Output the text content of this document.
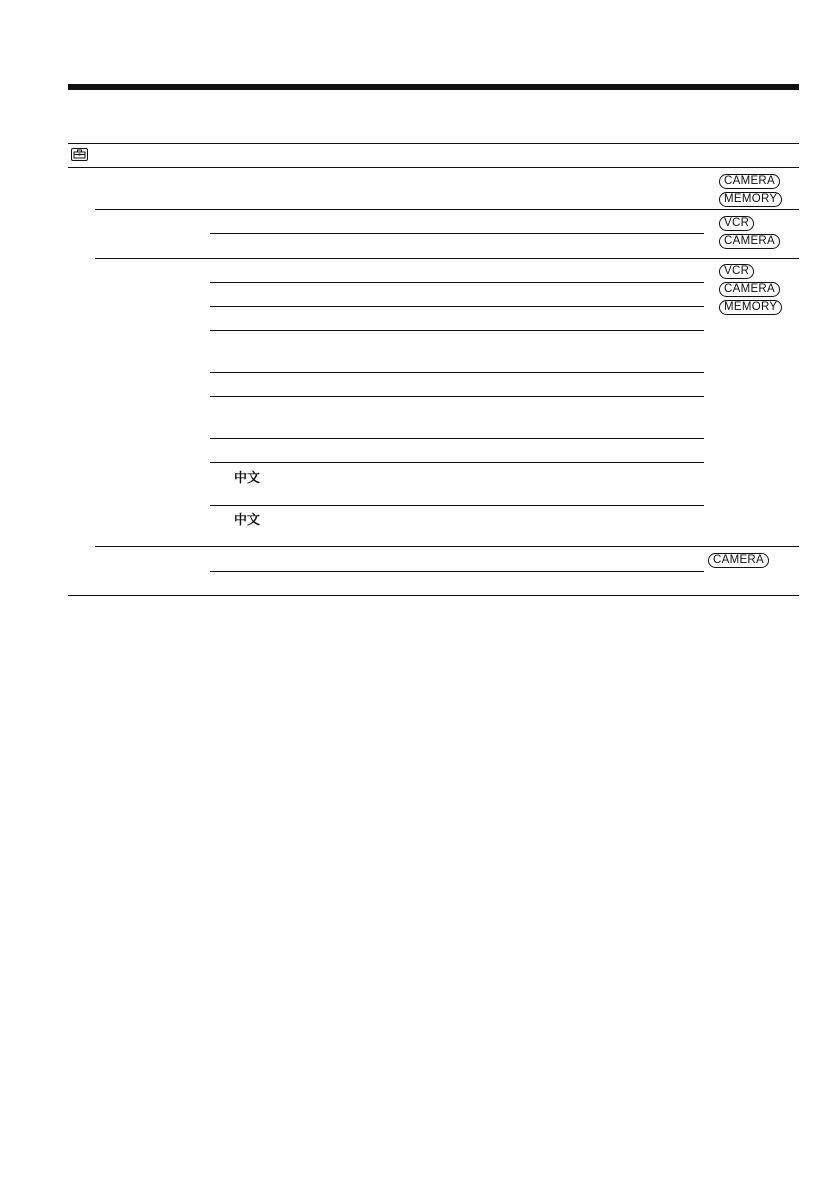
CAMERA
MEMORY
VCR
CAMERA
VCR
CAMERA
MEMORY
中文
中文
CAMERA
